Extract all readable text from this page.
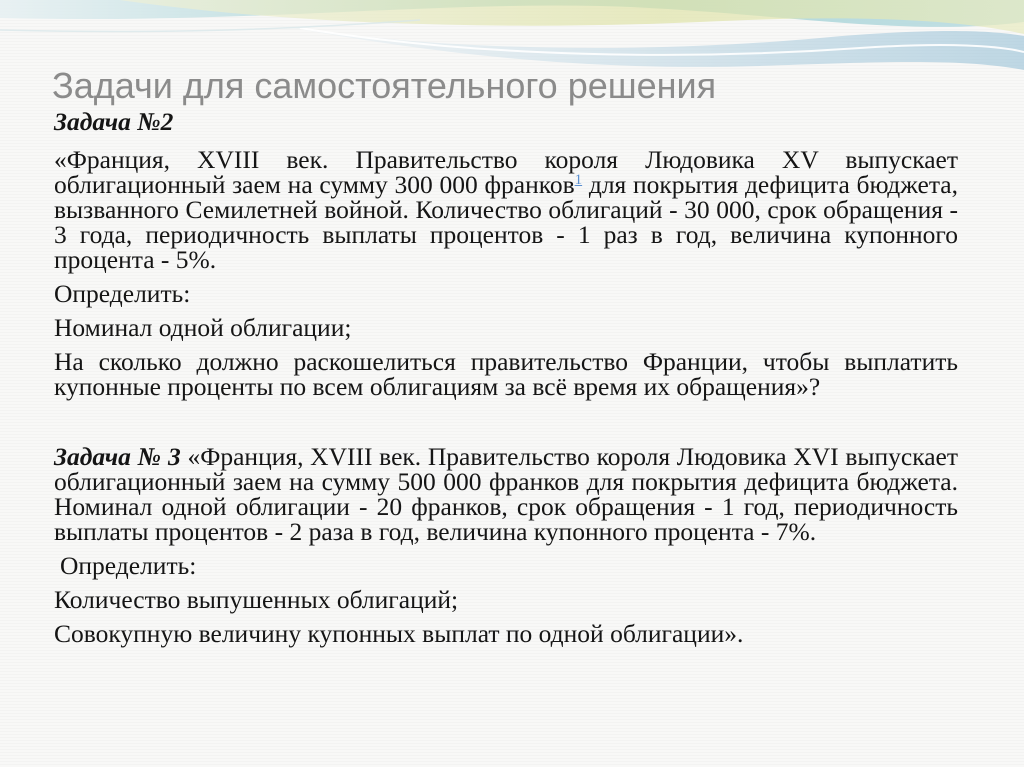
Задачи для самостоятельного решения

Задача №2

«Франция, XVIII век. Правительство короля Людовика XV выпускает облигационный заем на сумму 300 000 франков$^1$ для покрытия дефицита бюджета, вызванного Семилетней войной. Количество облигаций - 30 000, срок обращения - 3 года, периодичность выплаты процентов - 1 раз в год, величина купонного процента - 5%.

Определить:

Номинал одной облигации;

На сколько должно раскошелиться правительство Франции, чтобы выплатить купонные проценты по всем облигациям за всё время их обращения»?

Задача № 3 «Франция, XVIII век. Правительство короля Людовика XVI выпускает облигационный заем на сумму 500 000 франков для покрытия дефицита бюджета. Номинал одной облигации - 20 франков, срок обращения - 1 год, периодичность выплаты процентов - 2 раза в год, величина купонного процента - 7%.

Определить:

Количество выпушенных облигаций;

Совокупную величину купонных выплат по одной облигации».
